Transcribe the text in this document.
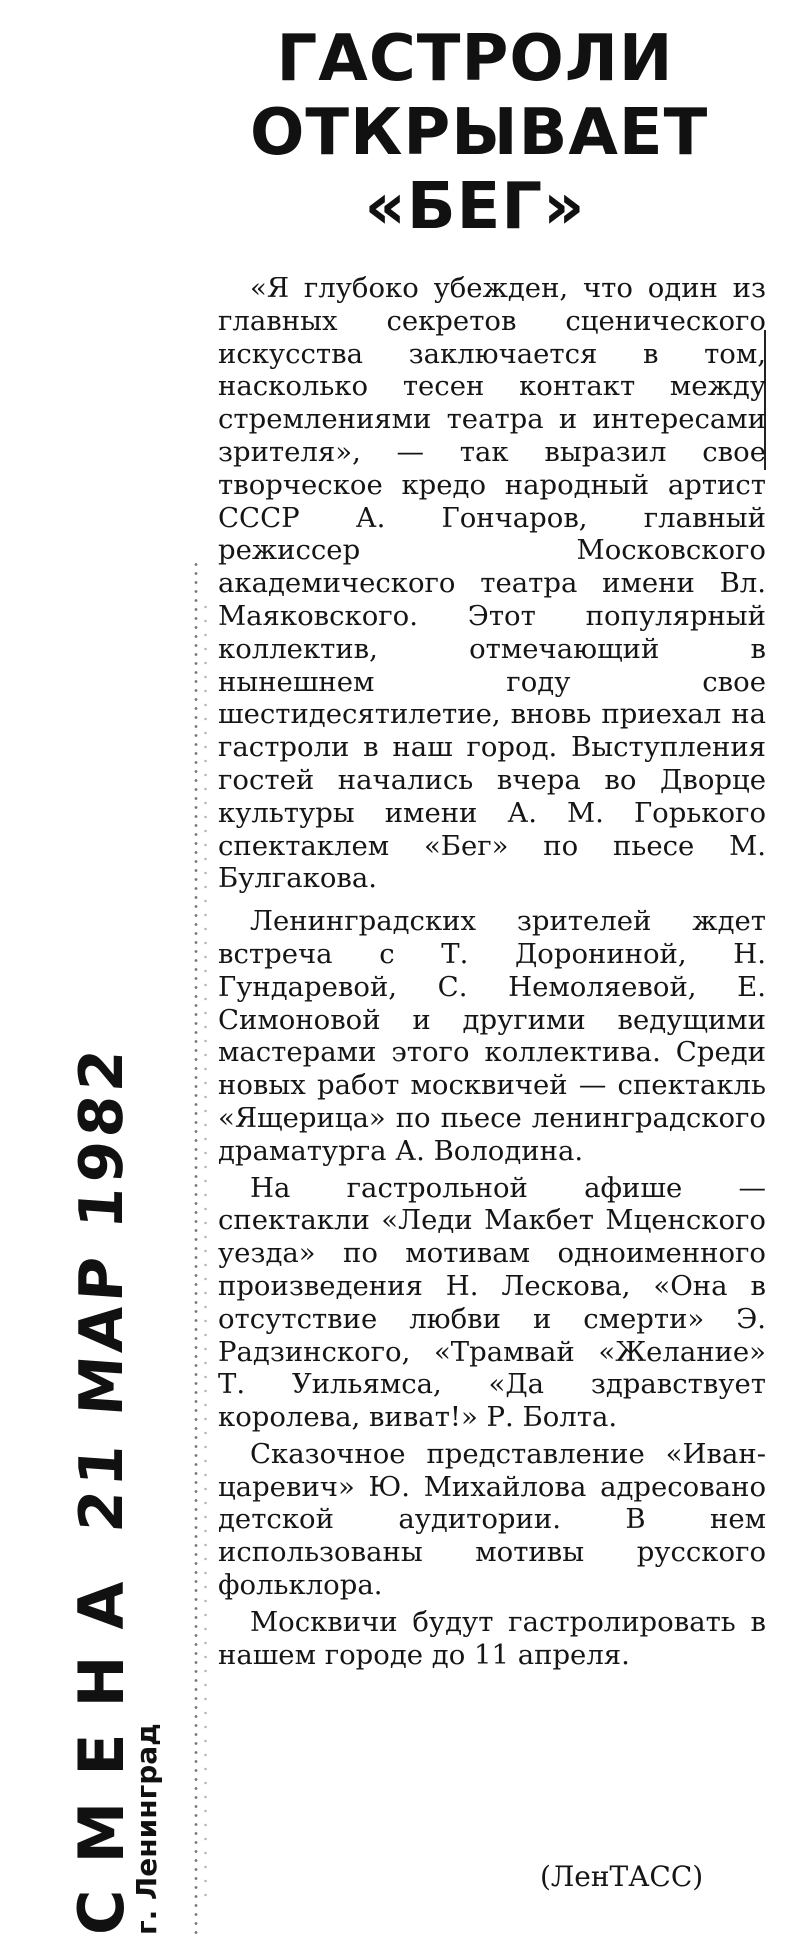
ГАСТРОЛИ
ОТКРЫВАЕТ
«БЕГ»

«Я глубоко убежден, что один из главных секретов сценического искусства заключается в том, насколько тесен контакт между стремлениями театра и интересами зрителя», — так выразил свое творческое кредо народный артист СССР А. Гончаров, главный режиссер Московского академического театра имени Вл. Маяковского. Этот популярный коллектив, отмечающий в нынешнем году свое шестидесятилетие, вновь приехал на гастроли в наш город. Выступления гостей начались вчера во Дворце культуры имени А. М. Горького спектаклем «Бег» по пьесе М. Булгакова.

Ленинградских зрителей ждет встреча с Т. Дорониной, Н. Гундаревой, С. Немоляевой, Е. Симоновой и другими ведущими мастерами этого коллектива. Среди новых работ москвичей — спектакль «Ящерица» по пьесе ленинградского драматурга А. Володина.

На гастрольной афише — спектакли «Леди Макбет Мценского уезда» по мотивам одноименного произведения Н. Лескова, «Она в отсутствие любви и смерти» Э. Радзинского, «Трамвай «Желание» Т. Уильямса, «Да здравствует королева, виват!» Р. Болта.

Сказочное представление «Иван-царевич» Ю. Михайлова адресовано детской аудитории. В нем использованы мотивы русского фольклора.

Москвичи будут гастролировать в нашем городе до 11 апреля.

(ЛенТАСС)
СМЕНА21 МАР 1982
г. Ленинград
